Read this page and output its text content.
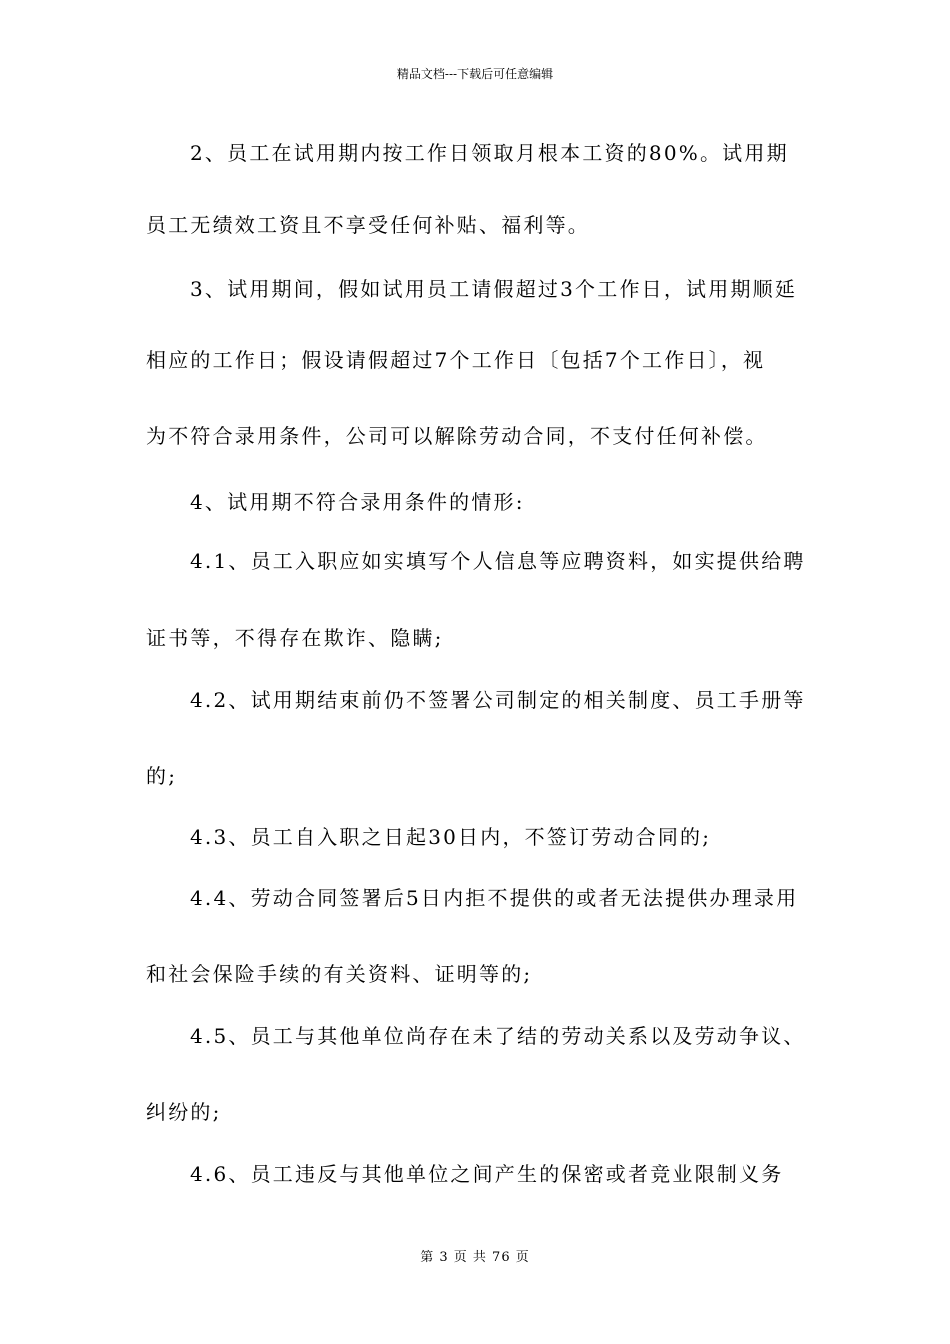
精品文档---下载后可任意编辑
2、员工在试用期内按工作日领取月根本工资的80%。试用期
员工无绩效工资且不享受任何补贴、福利等。
3、试用期间，假如试用员工请假超过3个工作日，试用期顺延
相应的工作日；假设请假超过7个工作日〔包括7个工作日〕，视
为不符合录用条件，公司可以解除劳动合同，不支付任何补偿。
4、试用期不符合录用条件的情形:
4.1、员工入职应如实填写个人信息等应聘资料，如实提供给聘
证书等，不得存在欺诈、隐瞒;
4.2、试用期结束前仍不签署公司制定的相关制度、员工手册等
的;
4.3、员工自入职之日起30日内，不签订劳动合同的;
4.4、劳动合同签署后5日内拒不提供的或者无法提供办理录用
和社会保险手续的有关资料、证明等的;
4.5、员工与其他单位尚存在未了结的劳动关系以及劳动争议、
纠纷的;
4.6、员工违反与其他单位之间产生的保密或者竞业限制义务
第 3 页 共 76 页
